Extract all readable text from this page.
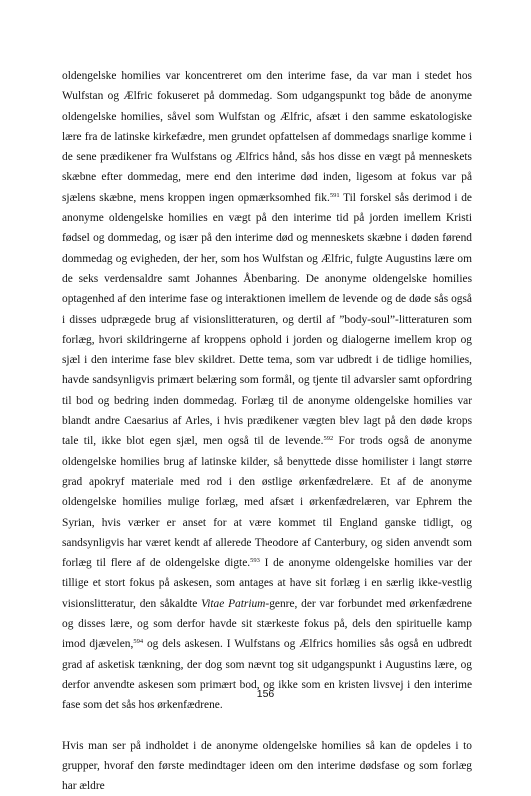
oldengelske homilies var koncentreret om den interime fase, da var man i stedet hos Wulfstan og Ælfric fokuseret på dommedag. Som udgangspunkt tog både de anonyme oldengelske homilies, såvel som Wulfstan og Ælfric, afsæt i den samme eskatologiske lære fra de latinske kirkefædre, men grundet opfattelsen af dommedags snarlige komme i de sene prædikener fra Wulfstans og Ælfrics hånd, sås hos disse en vægt på menneskets skæbne efter dommedag, mere end den interime død inden, ligesom at fokus var på sjælens skæbne, mens kroppen ingen opmærksomhed fik.$^{591}$ Til forskel sås derimod i de anonyme oldengelske homilies en vægt på den interime tid på jorden imellem Kristi fødsel og dommedag, og især på den interime død og menneskets skæbne i døden førend dommedag og evigheden, der her, som hos Wulfstan og Ælfric, fulgte Augustins lære om de seks verdensaldre samt Johannes Åbenbaring. De anonyme oldengelske homilies optagenhed af den interime fase og interaktionen imellem de levende og de døde sås også i disses udprægede brug af visionslitteraturen, og dertil af ”body-soul”-litteraturen som forlæg, hvori skildringerne af kroppens ophold i jorden og dialogerne imellem krop og sjæl i den interime fase blev skildret. Dette tema, som var udbredt i de tidlige homilies, havde sandsynligvis primært belæring som formål, og tjente til advarsler samt opfordring til bod og bedring inden dommedag. Forlæg til de anonyme oldengelske homilies var blandt andre Caesarius af Arles, i hvis prædikener vægten blev lagt på den døde krops tale til, ikke blot egen sjæl, men også til de levende.$^{592}$ For trods også de anonyme oldengelske homilies brug af latinske kilder, så benyttede disse homilister i langt større grad apokryf materiale med rod i den østlige ørkenfædrelære. Et af de anonyme oldengelske homilies mulige forlæg, med afsæt i ørkenfædrelæren, var Ephrem the Syrian, hvis værker er anset for at være kommet til England ganske tidligt, og sandsynligvis har været kendt af allerede Theodore af Canterbury, og siden anvendt som forlæg til flere af de oldengelske digte.$^{593}$ I de anonyme oldengelske homilies var der tillige et stort fokus på askesen, som antages at have sit forlæg i en særlig ikke-vestlig visionslitteratur, den såkaldte Vitae Patrium-genre, der var forbundet med ørkenfædrene og disses lære, og som derfor havde sit stærkeste fokus på, dels den spirituelle kamp imod djævelen,$^{594}$ og dels askesen. I Wulfstans og Ælfrics homilies sås også en udbredt grad af asketisk tænkning, der dog som nævnt tog sit udgangspunkt i Augustins lære, og derfor anvendte askesen som primært bod, og ikke som en kristen livsvej i den interime fase som det sås hos ørkenfædrene.

Hvis man ser på indholdet i de anonyme oldengelske homilies så kan de opdeles i to grupper, hvoraf den første medindtager ideen om den interime dødsfase og som forlæg har ældre

156
